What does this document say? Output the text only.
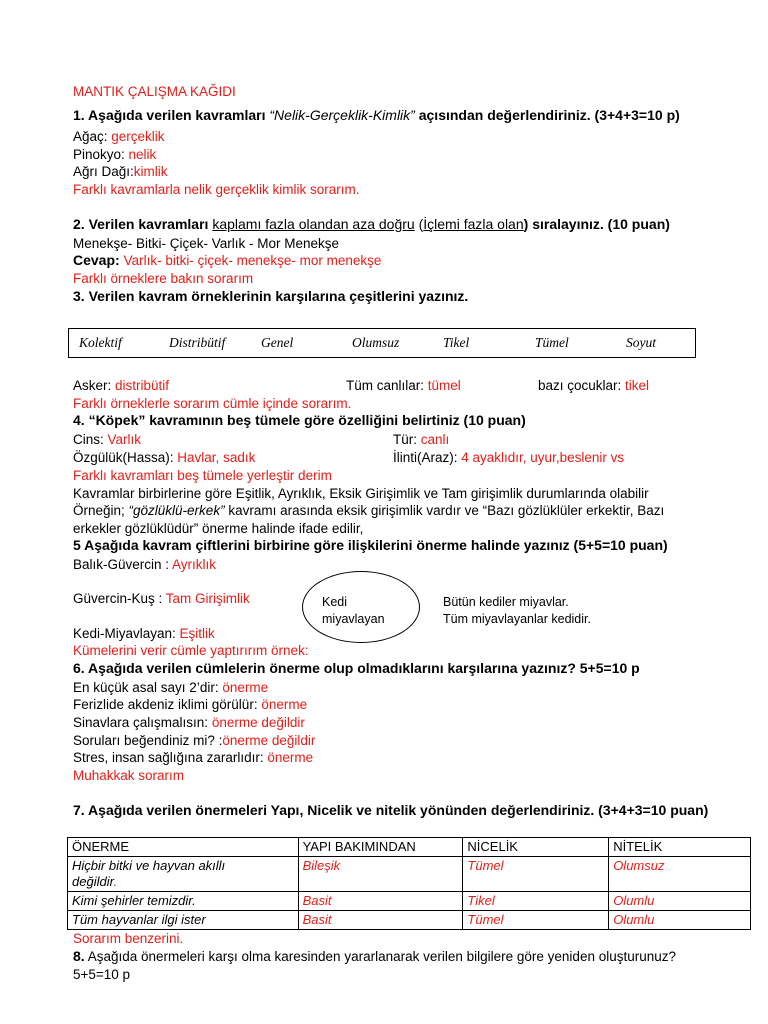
MANTIK ÇALIŞMA KAĞIDI
1. Aşağıda verilen kavramları “Nelik-Gerçeklik-Kimlik” açısından değerlendiriniz. (3+4+3=10 p)
Ağaç: gerçeklik
Pinokyo: nelik
Ağrı Dağı:kimlik
Farklı kavramlarla nelik gerçeklik kimlik sorarım.
2. Verilen kavramları kaplamı fazla olandan aza doğru (İçlemi fazla olan) sıralayınız. (10 puan)
Menekşe- Bitki- Çiçek- Varlık - Mor Menekşe
Cevap: Varlık- bitki- çiçek- menekşe- mor menekşe
Farklı örneklere bakın sorarım
3. Verilen kavram örneklerinin karşılarına çeşitlerini yazınız.
Kolektif	Distribütif	Genel	Olumsuz	Tikel	Tümel	Soyut
Asker: distribütif	Tüm canlılar: tümel	bazı çocuklar: tikel
Farklı örneklerle sorarım cümle içinde sorarım.
4. “Köpek” kavramının beş tümele göre özelliğini belirtiniz (10 puan)
Cins: Varlık	Tür: canlı
Özgülük(Hassa): Havlar, sadık	İlinti(Araz): 4 ayaklıdır, uyur,beslenir vs
Farklı kavramları beş tümele yerleştir derim
Kavramlar birbirlerine göre Eşitlik, Ayrıklık, Eksik Girişimlik ve Tam girişimlik durumlarında olabilir
Örneğin; “gözlüklü-erkek” kavramı arasında eksik girişimlik vardır ve “Bazı gözlüklüler erkektir, Bazı
erkekler gözlüklüdür” önerme halinde ifade edilir,
5 Aşağıda kavram çiftlerini birbirine göre ilişkilerini önerme halinde yazınız (5+5=10 puan)
Balık-Güvercin : Ayrıklık
Güvercin-Kuş : Tam Girişimlik	Kedi
miyavlayan
Bütün kediler miyavlar.
Tüm miyavlayanlar kedidir.
Kedi-Miyavlayan: Eşitlik
Kümelerini verir cümle yaptırırım örnek:
6. Aşağıda verilen cümlelerin önerme olup olmadıklarını karşılarına yazınız? 5+5=10 p
En küçük asal sayı 2’dir: önerme
Ferizlide akdeniz iklimi görülür: önerme
Sinavlara çalışmalısın: önerme değildir
Soruları beğendiniz mi? :önerme değildir
Stres, insan sağlığına zararlıdır: önerme
Muhakkak sorarım
7. Aşağıda verilen önermeleri Yapı, Nicelik ve nitelik yönünden değerlendiriniz. (3+4+3=10 puan)
ÖNERME	YAPI BAKIMINDAN	NİCELİK	NİTELİK
Hiçbir bitki ve hayvan akıllı
değildir.	Bileşik	Tümel	Olumsuz
Kimi şehirler temizdir.	Basit	Tikel	Olumlu
Tüm hayvanlar ilgi ister	Basit	Tümel	Olumlu
Sorarım benzerini.
8. Aşağıda önermeleri karşı olma karesinden yararlanarak verilen bilgilere göre yeniden oluşturunuz?
5+5=10 p
